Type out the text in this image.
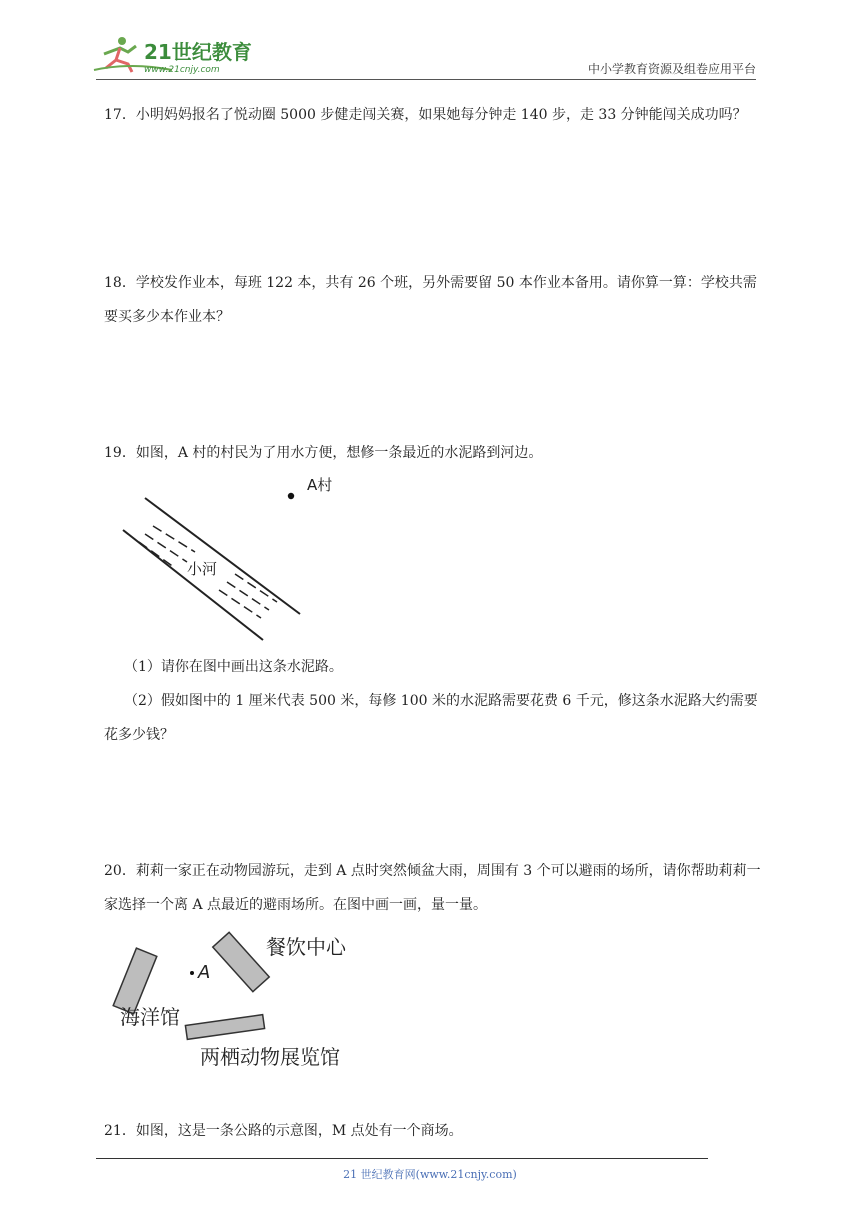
21世纪教育
www.21cnjy.com	中小学教育资源及组卷应用平台
17．小明妈妈报名了悦动圈 5000 步健走闯关赛，如果她每分钟走 140 步，走 33 分钟能闯关成功吗？
18．学校发作业本，每班 122 本，共有 26 个班，另外需要留 50 本作业本备用。请你算一算：学校共需要买多少本作业本？
19．如图，A 村的村民为了用水方便，想修一条最近的水泥路到河边。
A村
小河
（1）请你在图中画出这条水泥路。
（2）假如图中的 1 厘米代表 500 米，每修 100 米的水泥路需要花费 6 千元，修这条水泥路大约需要花多少钱？
20．莉莉一家正在动物园游玩，走到 A 点时突然倾盆大雨，周围有 3 个可以避雨的场所，请你帮助莉莉一家选择一个离 A 点最近的避雨场所。在图中画一画，量一量。
A
餐饮中心
海洋馆
两栖动物展览馆
21．如图，这是一条公路的示意图，M 点处有一个商场。
21 世纪教育网(www.21cnjy.com)
